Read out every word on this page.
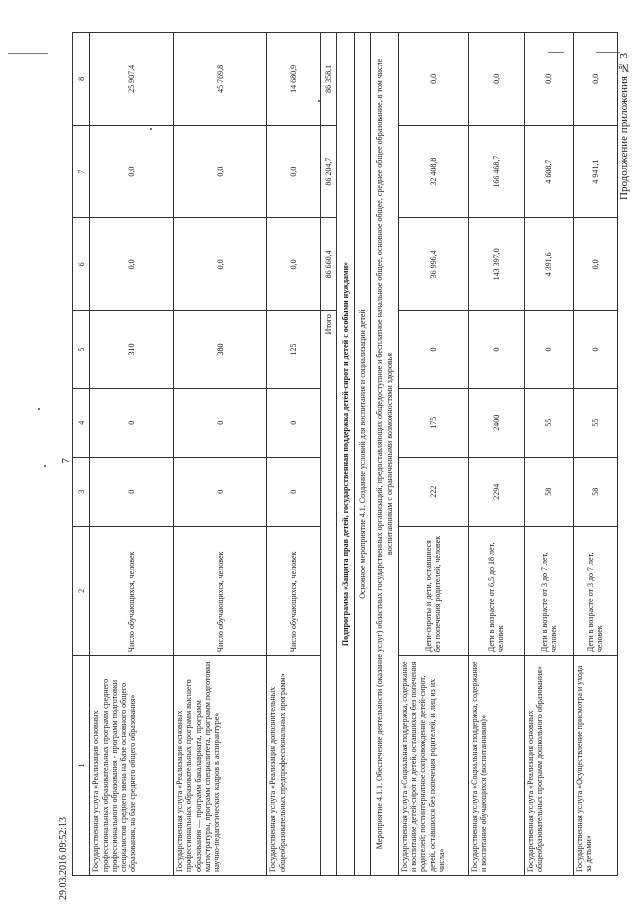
7
Продолжение приложения № 3
29.03.2016 09:52:13
1	2	3	4	5	6	7	8
Государственная услуга «Реализация основных профессиональных образовательных программ среднего профессионального образования - программ подготовки специалистов среднего звена на базе основного общего образования, на базе среднего общего образования»	Число обучающихся, человек	0	0	310	0,0	0,0	25 907,4
Государственная услуга «Реализация основных профессиональных образовательных программ высшего образования — программ бакалавриата, программ магистратуры, программ специалитета, программ подготовки научно-педагогических кадров в аспирантуре»	Число обучающихся, человек	0	0	380	0,0	0,0	45 769,8
Государственная услуга «Реализация дополнительных общеобразовательных предпрофессиональных программ»	Число обучающихся, человек	0	0	125	0,0	0,0	14 680,9
Итого					86 660,4	86 204,7	86 358,1
Подпрограмма «Защита прав детей, государственная поддержка детей-сирот и детей с особыми нуждами»							
Основное мероприятие 4.1. Создание условий для воспитания и социализации детей							
Мероприятие 4.1.1. Обеспечение деятельности (оказание услуг) областных государственных организаций, предоставляющих общедоступное и бесплатное начальное общее, основное общее, среднее общее образование, в том числе воспитанникам с ограниченными возможностями здоровья							
Государственная услуга «Социальная поддержка, содержание и воспитание детей-сирот и детей, оставшихся без попечения родителей; постинтернатное сопровождение детей-сирот, детей, оставшихся без попечения родителей, и лиц из их числа»	Дети-сироты и дети, оставшиеся без попечения родителей, человек	222	175	0	36 996,4	32 408,8	0,0
Государственная услуга «Социальная поддержка, содержание и воспитание обучающихся (воспитанников)»	Дети в возрасте от 6,5 до 18 лет, человек	2294	2400	0	143 397,0	166 468,7	0,0
Государственная услуга «Реализация основных общеобразовательных программ дошкольного образования»	Дети в возрасте от 3 до 7 лет, человек	58	55	0	4 391,6	4 608,7	0,0
Государственная услуга «Осуществление присмотра и ухода за детьми»	Дети в возрасте от 3 до 7 лет, человек	58	55	0	0,0	4 941,1	0,0
